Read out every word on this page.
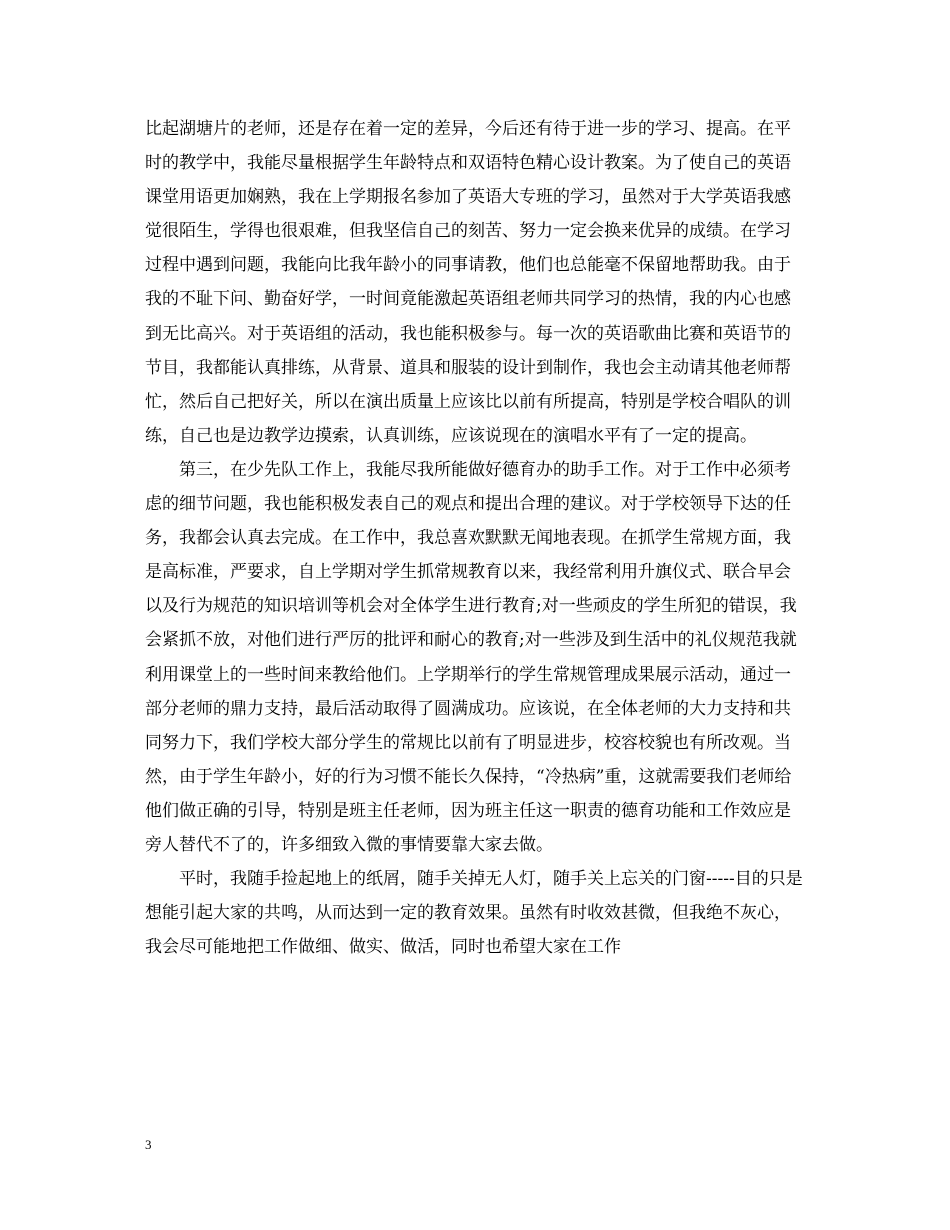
比起湖塘片的老师，还是存在着一定的差异，今后还有待于进一步的学习、提高。在平时的教学中，我能尽量根据学生年龄特点和双语特色精心设计教案。为了使自己的英语课堂用语更加娴熟，我在上学期报名参加了英语大专班的学习，虽然对于大学英语我感觉很陌生，学得也很艰难，但我坚信自己的刻苦、努力一定会换来优异的成绩。在学习过程中遇到问题，我能向比我年龄小的同事请教，他们也总能毫不保留地帮助我。由于我的不耻下问、勤奋好学，一时间竟能激起英语组老师共同学习的热情，我的内心也感到无比高兴。对于英语组的活动，我也能积极参与。每一次的英语歌曲比赛和英语节的节目，我都能认真排练，从背景、道具和服装的设计到制作，我也会主动请其他老师帮忙，然后自己把好关，所以在演出质量上应该比以前有所提高，特别是学校合唱队的训练，自己也是边教学边摸索，认真训练，应该说现在的演唱水平有了一定的提高。

第三，在少先队工作上，我能尽我所能做好德育办的助手工作。对于工作中必须考虑的细节问题，我也能积极发表自己的观点和提出合理的建议。对于学校领导下达的任务，我都会认真去完成。在工作中，我总喜欢默默无闻地表现。在抓学生常规方面，我是高标准，严要求，自上学期对学生抓常规教育以来，我经常利用升旗仪式、联合早会以及行为规范的知识培训等机会对全体学生进行教育;对一些顽皮的学生所犯的错误，我会紧抓不放，对他们进行严厉的批评和耐心的教育;对一些涉及到生活中的礼仪规范我就利用课堂上的一些时间来教给他们。上学期举行的学生常规管理成果展示活动，通过一部分老师的鼎力支持，最后活动取得了圆满成功。应该说，在全体老师的大力支持和共同努力下，我们学校大部分学生的常规比以前有了明显进步，校容校貌也有所改观。当然，由于学生年龄小，好的行为习惯不能长久保持，“冷热病”重，这就需要我们老师给他们做正确的引导，特别是班主任老师，因为班主任这一职责的德育功能和工作效应是旁人替代不了的，许多细致入微的事情要靠大家去做。

平时，我随手捡起地上的纸屑，随手关掉无人灯，随手关上忘关的门窗-----目的只是想能引起大家的共鸣，从而达到一定的教育效果。虽然有时收效甚微，但我绝不灰心，我会尽可能地把工作做细、做实、做活，同时也希望大家在工作

3
